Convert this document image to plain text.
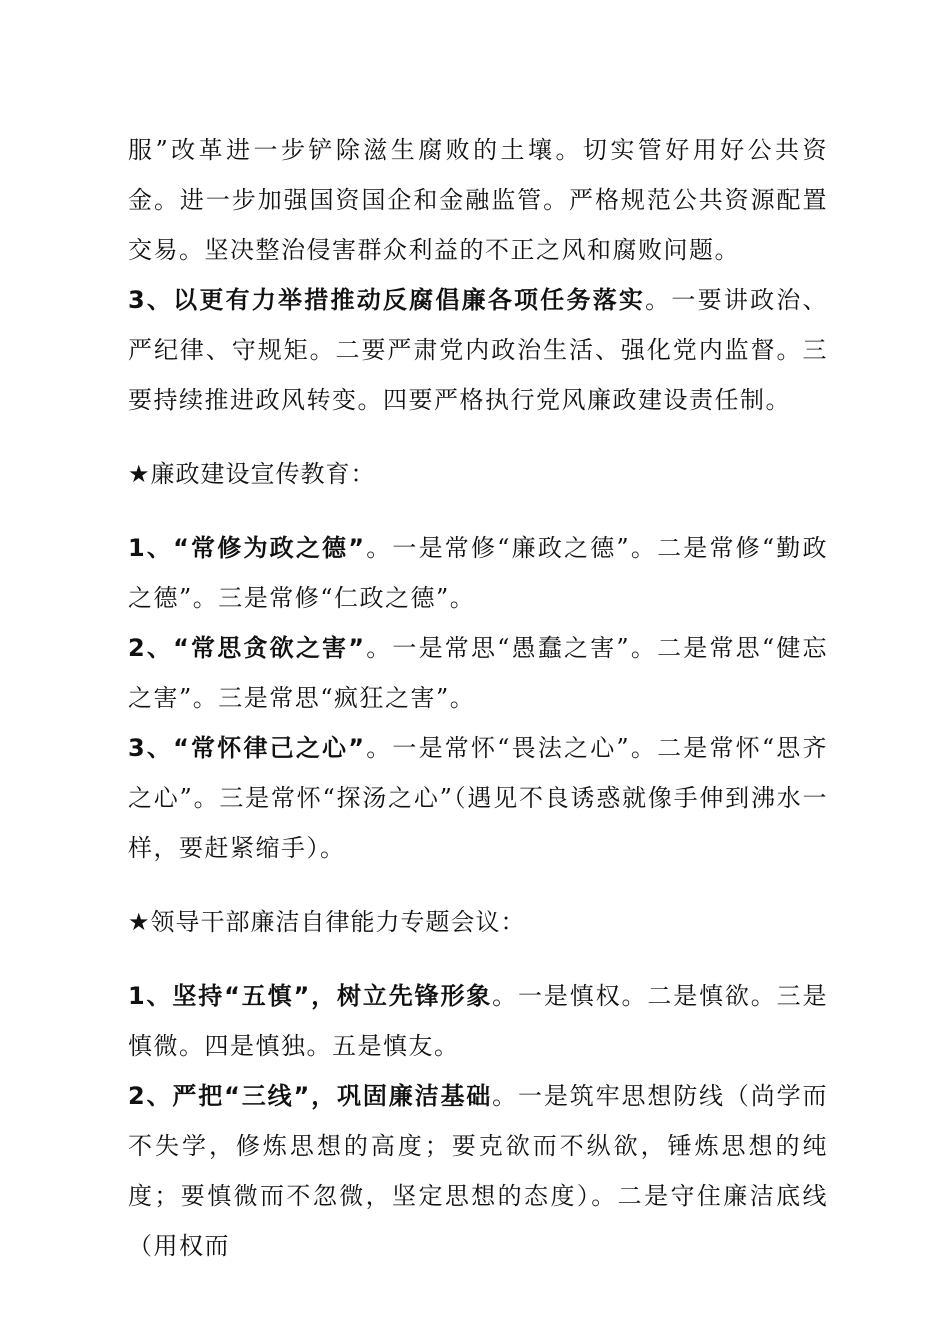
服”改革进一步铲除滋生腐败的土壤。切实管好用好公共资金。进一步加强国资国企和金融监管。严格规范公共资源配置交易。坚决整治侵害群众利益的不正之风和腐败问题。

3、以更有力举措推动反腐倡廉各项任务落实。一要讲政治、严纪律、守规矩。二要严肃党内政治生活、强化党内监督。三要持续推进政风转变。四要严格执行党风廉政建设责任制。

★廉政建设宣传教育：

1、“常修为政之德”。一是常修“廉政之德”。二是常修“勤政之德”。三是常修“仁政之德”。

2、“常思贪欲之害”。一是常思“愚蠢之害”。二是常思“健忘之害”。三是常思“疯狂之害”。

3、“常怀律己之心”。一是常怀“畏法之心”。二是常怀“思齐之心”。三是常怀“探汤之心”（遇见不良诱惑就像手伸到沸水一样，要赶紧缩手）。

★领导干部廉洁自律能力专题会议：

1、坚持“五慎”，树立先锋形象。一是慎权。二是慎欲。三是慎微。四是慎独。五是慎友。

2、严把“三线”，巩固廉洁基础。一是筑牢思想防线（尚学而不失学，修炼思想的高度；要克欲而不纵欲，锤炼思想的纯度；要慎微而不忽微，坚定思想的态度）。二是守住廉洁底线（用权而
